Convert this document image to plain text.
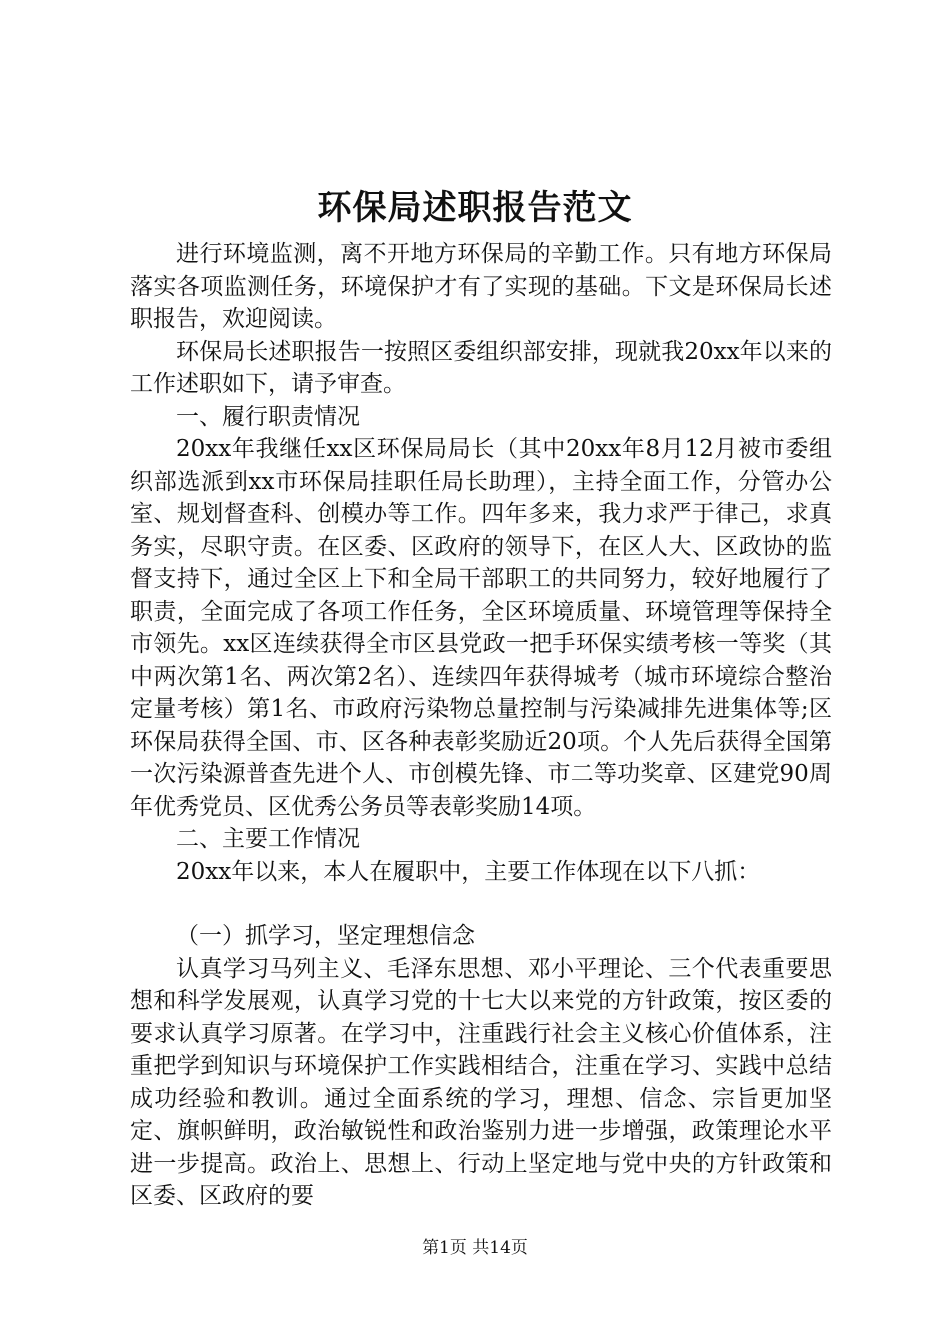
环保局述职报告范文

进行环境监测，离不开地方环保局的辛勤工作。只有地方环保局落实各项监测任务，环境保护才有了实现的基础。下文是环保局长述职报告，欢迎阅读。

环保局长述职报告一按照区委组织部安排，现就我20xx年以来的工作述职如下，请予审查。

一、履行职责情况

20xx年我继任xx区环保局局长（其中20xx年8月12月被市委组织部选派到xx市环保局挂职任局长助理），主持全面工作，分管办公室、规划督查科、创模办等工作。四年多来，我力求严于律己，求真务实，尽职守责。在区委、区政府的领导下，在区人大、区政协的监督支持下，通过全区上下和全局干部职工的共同努力，较好地履行了职责，全面完成了各项工作任务，全区环境质量、环境管理等保持全市领先。xx区连续获得全市区县党政一把手环保实绩考核一等奖（其中两次第1名、两次第2名）、连续四年获得城考（城市环境综合整治定量考核）第1名、市政府污染物总量控制与污染减排先进集体等;区环保局获得全国、市、区各种表彰奖励近20项。个人先后获得全国第一次污染源普查先进个人、市创模先锋、市二等功奖章、区建党90周年优秀党员、区优秀公务员等表彰奖励14项。

二、主要工作情况

20xx年以来，本人在履职中，主要工作体现在以下八抓：

（一）抓学习，坚定理想信念

认真学习马列主义、毛泽东思想、邓小平理论、三个代表重要思想和科学发展观，认真学习党的十七大以来党的方针政策，按区委的要求认真学习原著。在学习中，注重践行社会主义核心价值体系，注重把学到知识与环境保护工作实践相结合，注重在学习、实践中总结成功经验和教训。通过全面系统的学习，理想、信念、宗旨更加坚定、旗帜鲜明，政治敏锐性和政治鉴别力进一步增强，政策理论水平进一步提高。政治上、思想上、行动上坚定地与党中央的方针政策和区委、区政府的要

第1页 共14页
